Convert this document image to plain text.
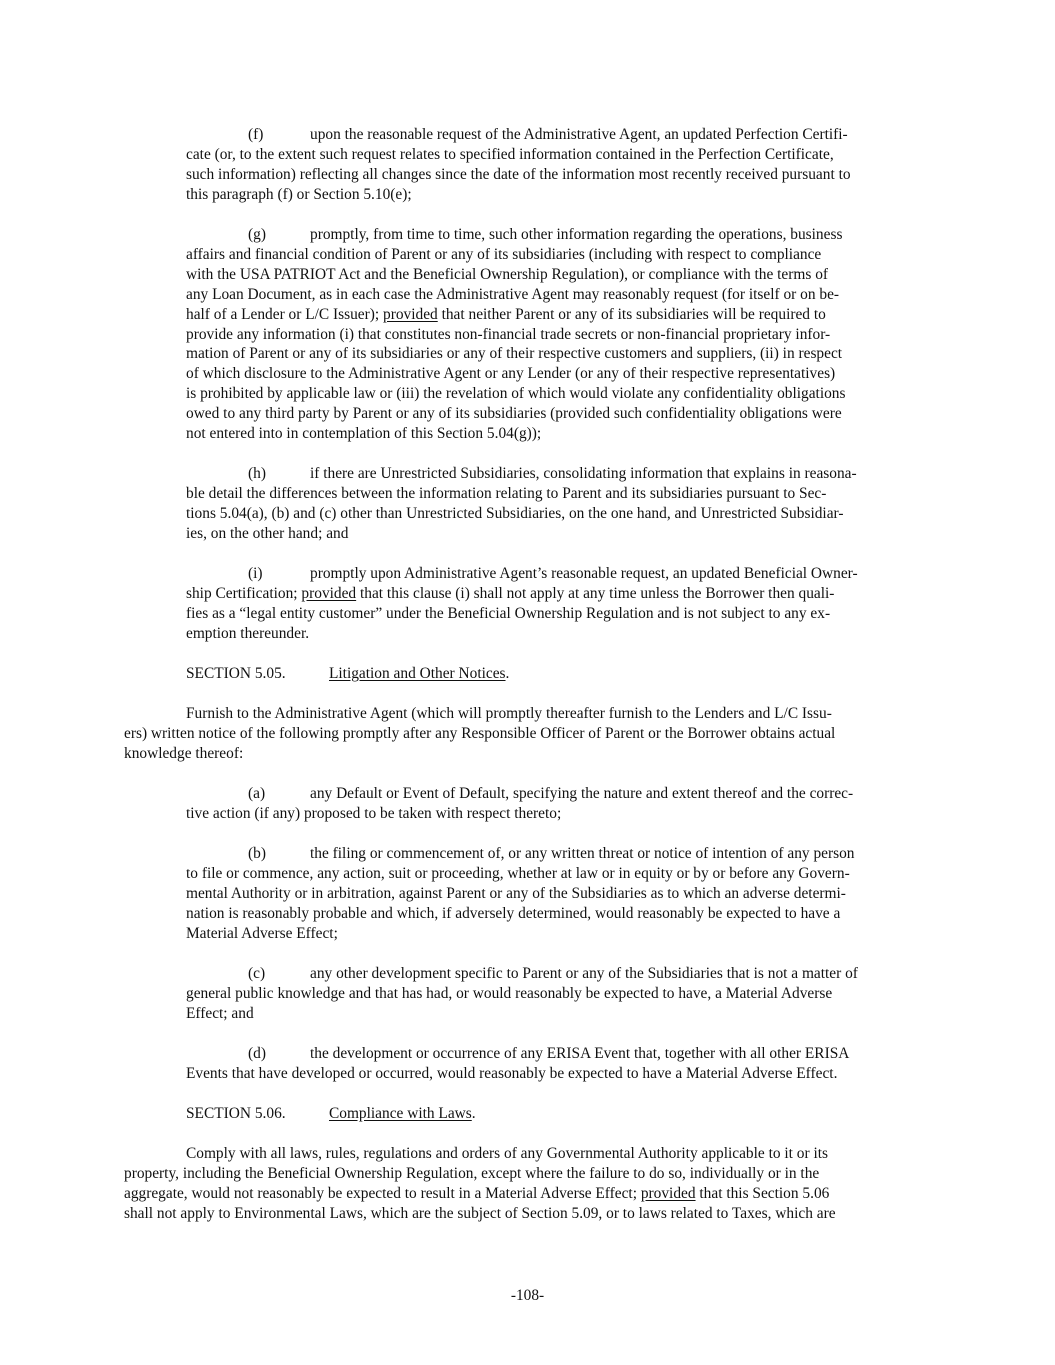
(f)	upon the reasonable request of the Administrative Agent, an updated Perfection Certifi-
cate (or, to the extent such request relates to specified information contained in the Perfection Certificate,
such information) reflecting all changes since the date of the information most recently received pursuant to
this paragraph (f) or Section 5.10(e);
(g)	promptly, from time to time, such other information regarding the operations, business
affairs and financial condition of Parent or any of its subsidiaries (including with respect to compliance
with the USA PATRIOT Act and the Beneficial Ownership Regulation), or compliance with the terms of
any Loan Document, as in each case the Administrative Agent may reasonably request (for itself or on be-
half of a Lender or L/C Issuer); provided that neither Parent or any of its subsidiaries will be required to
provide any information (i) that constitutes non-financial trade secrets or non-financial proprietary infor-
mation of Parent or any of its subsidiaries or any of their respective customers and suppliers, (ii) in respect
of which disclosure to the Administrative Agent or any Lender (or any of their respective representatives)
is prohibited by applicable law or (iii) the revelation of which would violate any confidentiality obligations
owed to any third party by Parent or any of its subsidiaries (provided such confidentiality obligations were
not entered into in contemplation of this Section 5.04(g));
(h)	if there are Unrestricted Subsidiaries, consolidating information that explains in reasona-
ble detail the differences between the information relating to Parent and its subsidiaries pursuant to Sec-
tions 5.04(a), (b) and (c) other than Unrestricted Subsidiaries, on the one hand, and Unrestricted Subsidiar-
ies, on the other hand; and
(i)	promptly upon Administrative Agent’s reasonable request, an updated Beneficial Owner-
ship Certification; provided that this clause (i) shall not apply at any time unless the Borrower then quali-
fies as a “legal entity customer” under the Beneficial Ownership Regulation and is not subject to any ex-
emption thereunder.
SECTION 5.05.	Litigation and Other Notices.
Furnish to the Administrative Agent (which will promptly thereafter furnish to the Lenders and L/C Issu-
ers) written notice of the following promptly after any Responsible Officer of Parent or the Borrower obtains actual
knowledge thereof:
(a)	any Default or Event of Default, specifying the nature and extent thereof and the correc-
tive action (if any) proposed to be taken with respect thereto;
(b)	the filing or commencement of, or any written threat or notice of intention of any person
to file or commence, any action, suit or proceeding, whether at law or in equity or by or before any Govern-
mental Authority or in arbitration, against Parent or any of the Subsidiaries as to which an adverse determi-
nation is reasonably probable and which, if adversely determined, would reasonably be expected to have a
Material Adverse Effect;
(c)	any other development specific to Parent or any of the Subsidiaries that is not a matter of
general public knowledge and that has had, or would reasonably be expected to have, a Material Adverse
Effect; and
(d)	the development or occurrence of any ERISA Event that, together with all other ERISA
Events that have developed or occurred, would reasonably be expected to have a Material Adverse Effect.
SECTION 5.06.	Compliance with Laws.
Comply with all laws, rules, regulations and orders of any Governmental Authority applicable to it or its
property, including the Beneficial Ownership Regulation, except where the failure to do so, individually or in the
aggregate, would not reasonably be expected to result in a Material Adverse Effect; provided that this Section 5.06
shall not apply to Environmental Laws, which are the subject of Section 5.09, or to laws related to Taxes, which are
-108-
